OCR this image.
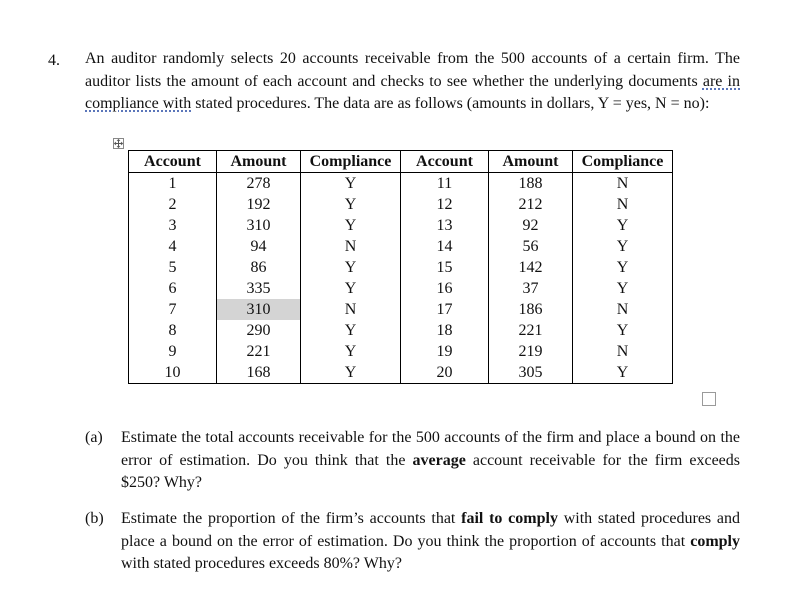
4. An auditor randomly selects 20 accounts receivable from the 500 accounts of a certain firm. The auditor lists the amount of each account and checks to see whether the underlying documents are in compliance with stated procedures. The data are as follows (amounts in dollars, Y = yes, N = no):

Account	Amount	Compliance	Account	Amount	Compliance
1	278	Y	11	188	N
2	192	Y	12	212	N
3	310	Y	13	92	Y
4	94	N	14	56	Y
5	86	Y	15	142	Y
6	335	Y	16	37	Y
7	310	N	17	186	N
8	290	Y	18	221	Y
9	221	Y	19	219	N
10	168	Y	20	305	Y
(a) Estimate the total accounts receivable for the 500 accounts of the firm and place a bound on the error of estimation. Do you think that the average account receivable for the firm exceeds $250? Why?
(b) Estimate the proportion of the firm’s accounts that fail to comply with stated procedures and place a bound on the error of estimation. Do you think the proportion of accounts that comply with stated procedures exceeds 80%? Why?
